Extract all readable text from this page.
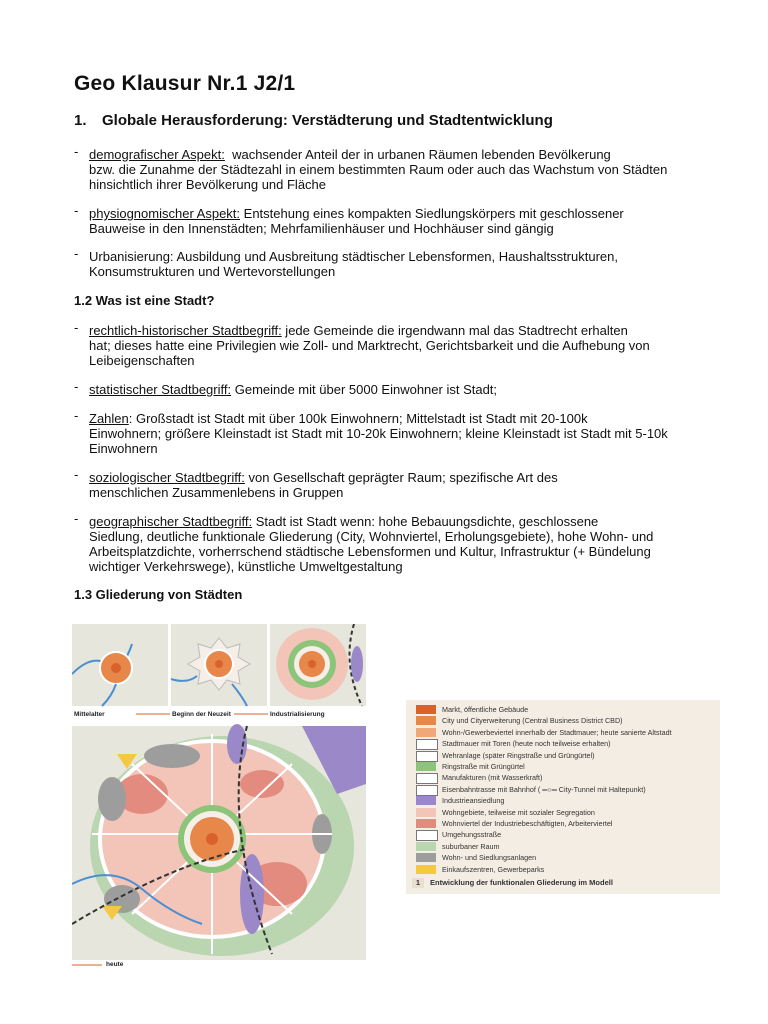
Geo Klausur Nr.1 J2/1
1. Globale Herausforderung: Verstädterung und Stadtentwicklung
- demografischer Aspekt:  wachsender Anteil der in urbanen Räumen lebenden Bevölkerung
bzw. die Zunahme der Städtezahl in einem bestimmten Raum oder auch das Wachstum von Städten hinsichtlich ihrer Bevölkerung und Fläche
- physiognomischer Aspekt: Entstehung eines kompakten Siedlungskörpers mit geschlossener
Bauweise in den Innenstädten; Mehrfamilienhäuser und Hochhäuser sind gängig
- Urbanisierung: Ausbildung und Ausbreitung städtischer Lebensformen, Haushaltsstrukturen,
Konsumstrukturen und Wertevorstellungen
1.2 Was ist eine Stadt?
- rechtlich-historischer Stadtbegriff: jede Gemeinde die irgendwann mal das Stadtrecht erhalten
hat; dieses hatte eine Privilegien wie Zoll- und Marktrecht, Gerichtsbarkeit und die Aufhebung von Leibeigenschaften
- statistischer Stadtbegriff: Gemeinde mit über 5000 Einwohner ist Stadt;
- Zahlen: Großstadt ist Stadt mit über 100k Einwohnern; Mittelstadt ist Stadt mit 20-100k
Einwohnern; größere Kleinstadt ist Stadt mit 10-20k Einwohnern; kleine Kleinstadt ist Stadt mit 5-10k Einwohnern
- soziologischer Stadtbegriff: von Gesellschaft geprägter Raum; spezifische Art des
menschlichen Zusammenlebens in Gruppen
- geographischer Stadtbegriff: Stadt ist Stadt wenn: hohe Bebauungsdichte, geschlossene
Siedlung, deutliche funktionale Gliederung (City, Wohnviertel, Erholungsgebiete), hohe Wohn- und Arbeitsplatzdichte, vorherrschend städtische Lebensformen und Kultur, Infrastruktur (+ Bündelung wichtiger Verkehrswege), künstliche Umweltgestaltung
1.3 Gliederung von Städten
Mittelalter	Beginn der Neuzeit	Industrialisierung
heute
Markt, öffentliche Gebäude
City und Cityerweiterung (Central Business District CBD)
Wohn-/Gewerbeviertel innerhalb der Stadtmauer; heute sanierte Altstadt
Stadtmauer mit Toren (heute noch teilweise erhalten)
Wehranlage (später Ringstraße und Grüngürtel)
Ringstraße mit Grüngürtel
Manufakturen (mit Wasserkraft)
Eisenbahntrasse mit Bahnhof ( ═○═ City-Tunnel mit Haltepunkt)
Industrieansiedlung
Wohngebiete, teilweise mit sozialer Segregation
Wohnviertel der Industriebeschäftigten, Arbeiterviertel
Umgehungsstraße
suburbaner Raum
Wohn- und Siedlungsanlagen
Einkaufszentren, Gewerbeparks
1 Entwicklung der funktionalen Gliederung im Modell
